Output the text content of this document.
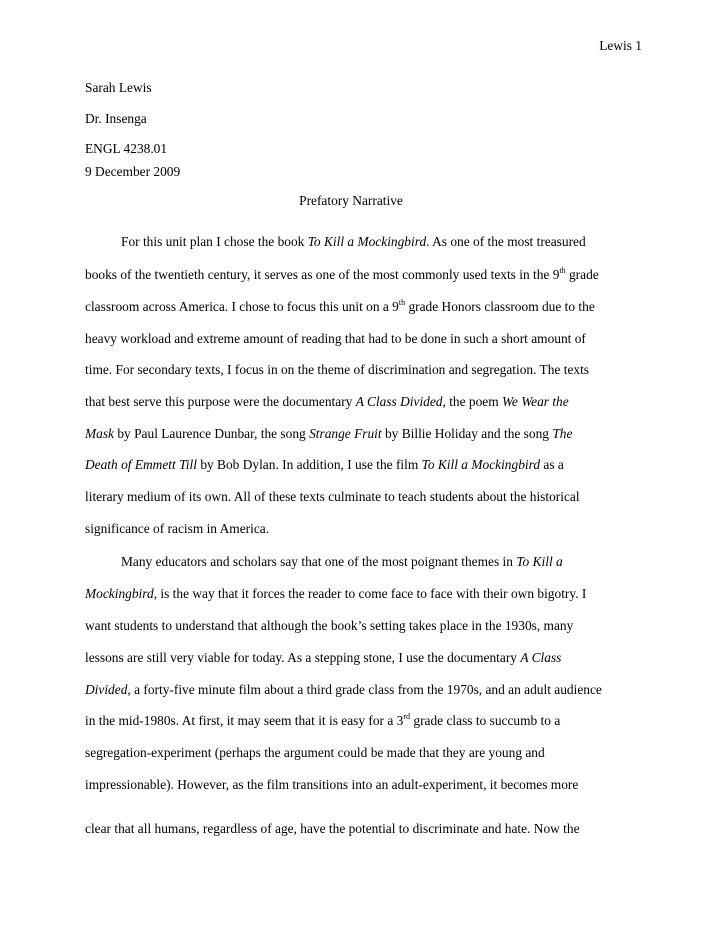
Lewis 1
Sarah Lewis
Dr. Insenga
ENGL 4238.01
9 December 2009
Prefatory Narrative
For this unit plan I chose the book To Kill a Mockingbird. As one of the most treasured
books of the twentieth century, it serves as one of the most commonly used texts in the 9th grade
classroom across America. I chose to focus this unit on a 9th grade Honors classroom due to the
heavy workload and extreme amount of reading that had to be done in such a short amount of
time. For secondary texts, I focus in on the theme of discrimination and segregation. The texts
that best serve this purpose were the documentary A Class Divided, the poem We Wear the
Mask by Paul Laurence Dunbar, the song Strange Fruit by Billie Holiday and the song The
Death of Emmett Till by Bob Dylan. In addition, I use the film To Kill a Mockingbird as a
literary medium of its own. All of these texts culminate to teach students about the historical
significance of racism in America.
Many educators and scholars say that one of the most poignant themes in To Kill a
Mockingbird, is the way that it forces the reader to come face to face with their own bigotry. I
want students to understand that although the book’s setting takes place in the 1930s, many
lessons are still very viable for today. As a stepping stone, I use the documentary A Class
Divided, a forty-five minute film about a third grade class from the 1970s, and an adult audience
in the mid-1980s. At first, it may seem that it is easy for a 3rd grade class to succumb to a
segregation-experiment (perhaps the argument could be made that they are young and
impressionable). However, as the film transitions into an adult-experiment, it becomes more
clear that all humans, regardless of age, have the potential to discriminate and hate. Now the
